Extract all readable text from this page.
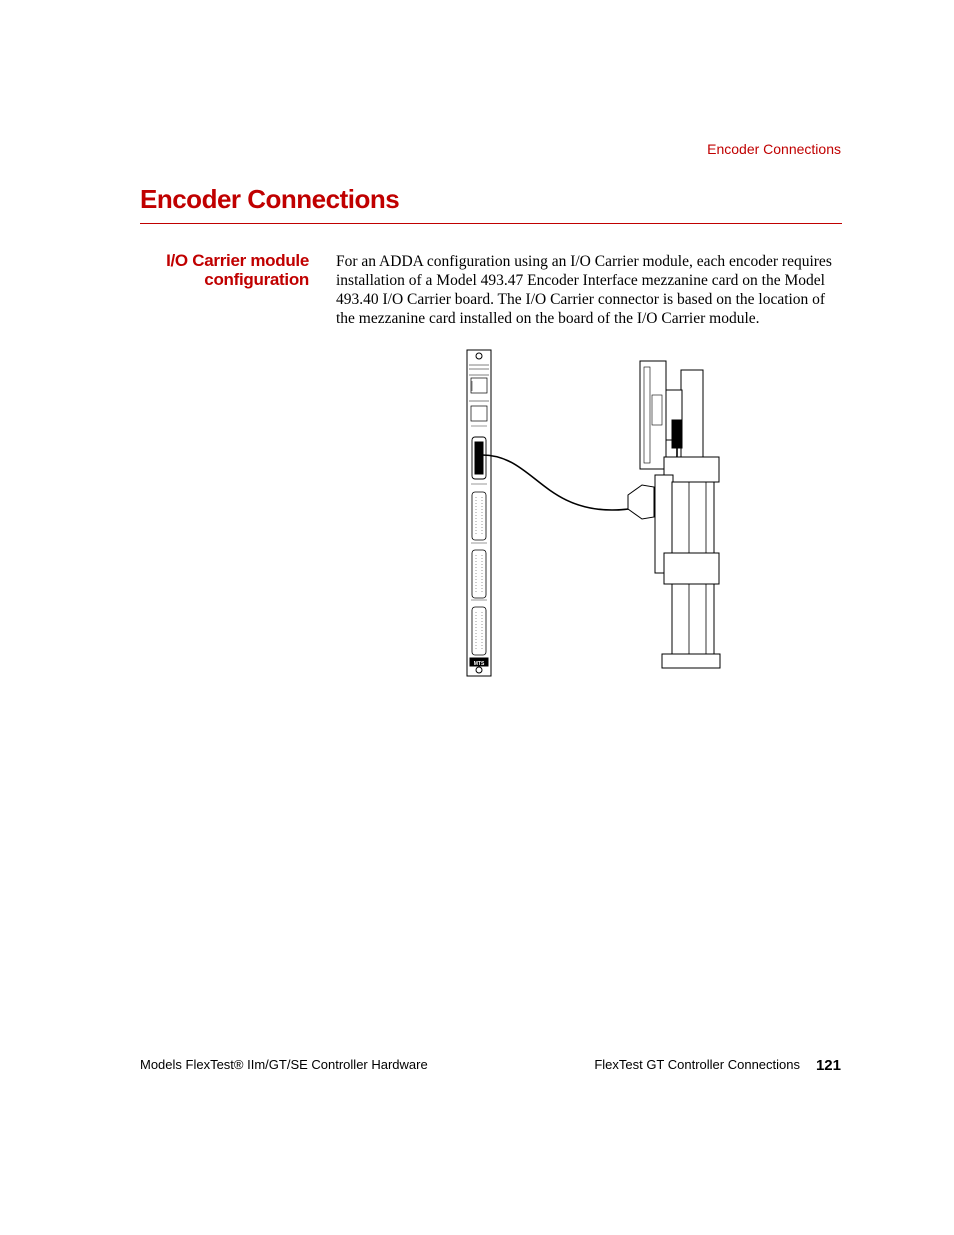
Encoder Connections
Encoder Connections
I/O Carrier module configuration

For an ADDA configuration using an I/O Carrier module, each encoder requires installation of a Model 493.47 Encoder Interface mezzanine card on the Model 493.40 I/O Carrier board. The I/O Carrier connector is based on the location of the mezzanine card installed on the board of the I/O Carrier module.

MTS
Models FlexTest® IIm/GT/SE Controller Hardware	FlexTest GT Controller Connections 121
